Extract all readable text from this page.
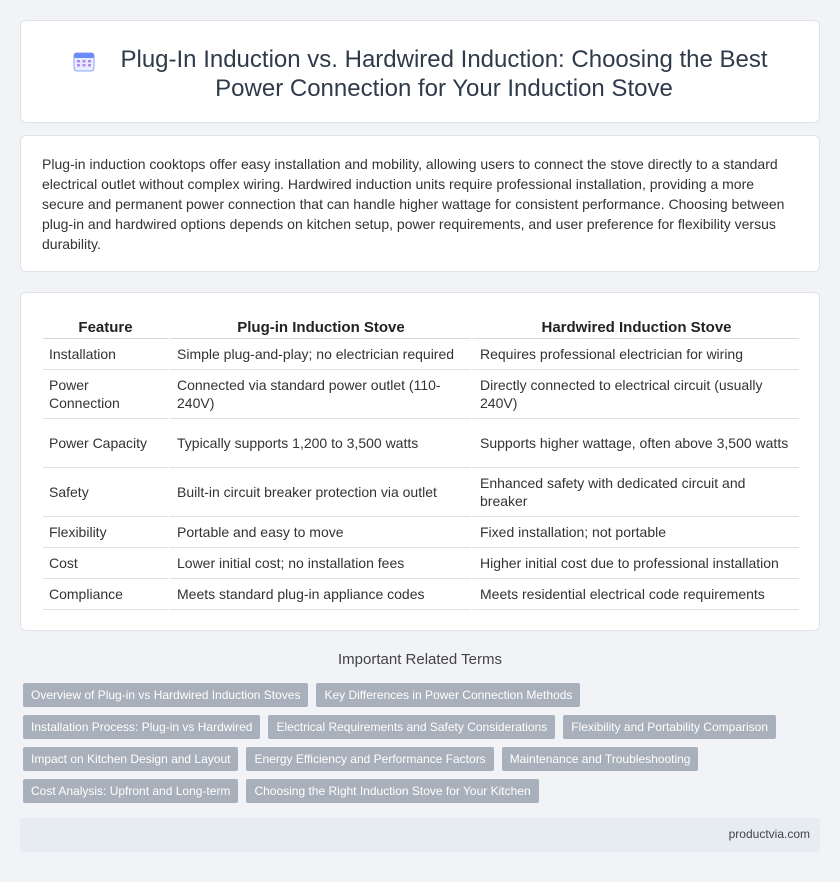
Plug-In Induction vs. Hardwired Induction: Choosing the Best
Power Connection for Your Induction Stove

Plug-in induction cooktops offer easy installation and mobility, allowing users to connect the stove directly to a standard electrical outlet without complex wiring. Hardwired induction units require professional installation, providing a more secure and permanent power connection that can handle higher wattage for consistent performance. Choosing between plug-in and hardwired options depends on kitchen setup, power requirements, and user preference for flexibility versus durability.

Feature	Plug-in Induction Stove	Hardwired Induction Stove
Installation	Simple plug-and-play; no electrician required	Requires professional electrician for wiring
Power Connection	Connected via standard power outlet (110-240V)	Directly connected to electrical circuit (usually 240V)
Power Capacity	Typically supports 1,200 to 3,500 watts	Supports higher wattage, often above 3,500 watts
Safety	Built-in circuit breaker protection via outlet	Enhanced safety with dedicated circuit and breaker
Flexibility	Portable and easy to move	Fixed installation; not portable
Cost	Lower initial cost; no installation fees	Higher initial cost due to professional installation
Compliance	Meets standard plug-in appliance codes	Meets residential electrical code requirements
Important Related Terms
Overview of Plug-in vs Hardwired Induction Stoves	Key Differences in Power Connection Methods
Installation Process: Plug-in vs Hardwired	Electrical Requirements and Safety Considerations	Flexibility and Portability Comparison
Impact on Kitchen Design and Layout	Energy Efficiency and Performance Factors	Maintenance and Troubleshooting
Cost Analysis: Upfront and Long-term	Choosing the Right Induction Stove for Your Kitchen
productvia.com
